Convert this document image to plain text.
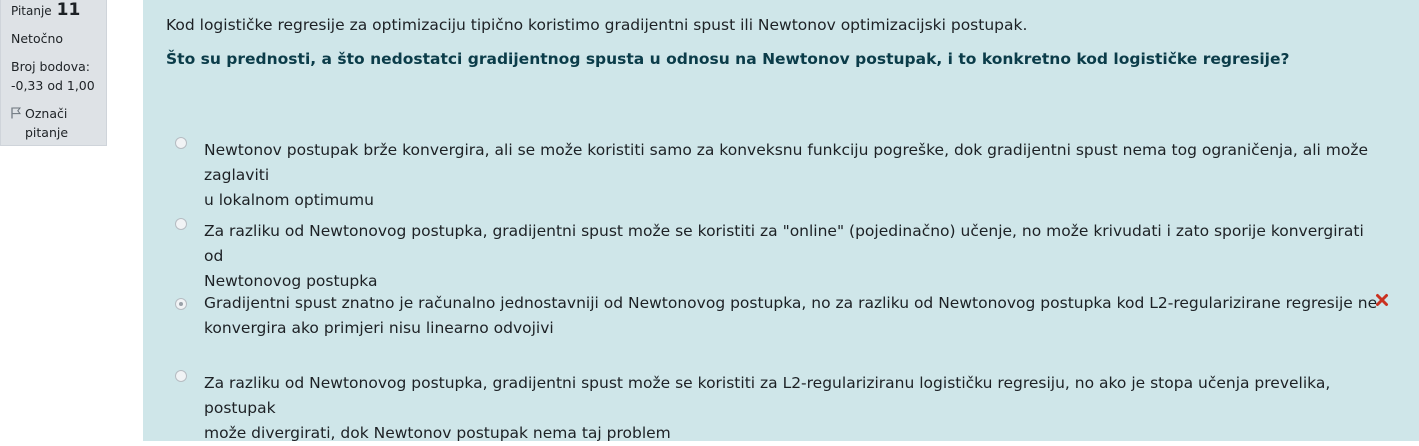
Pitanje 11
Netočno
Broj bodova:
-0,33 od 1,00
Označi
pitanje

Kod logističke regresije za optimizaciju tipično koristimo gradijentni spust ili Newtonov optimizacijski postupak.

Što su prednosti, a što nedostatci gradijentnog spusta u odnosu na Newtonov postupak, i to konkretno kod logističke regresije?
Newtonov postupak brže konvergira, ali se može koristiti samo za konveksnu funkciju pogreške, dok gradijentni spust nema tog ograničenja, ali može zaglaviti
u lokalnom optimumu
Za razliku od Newtonovog postupka, gradijentni spust može se koristiti za "online" (pojedinačno) učenje, no može krivudati i zato sporije konvergirati od
Newtonovog postupka
Gradijentni spust znatno je računalno jednostavniji od Newtonovog postupka, no za razliku od Newtonovog postupka kod L2-regularizirane regresije ne
konvergira ako primjeri nisu linearno odvojivi
Za razliku od Newtonovog postupka, gradijentni spust može se koristiti za L2-regulariziranu logističku regresiju, no ako je stopa učenja prevelika, postupak
može divergirati, dok Newtonov postupak nema taj problem
